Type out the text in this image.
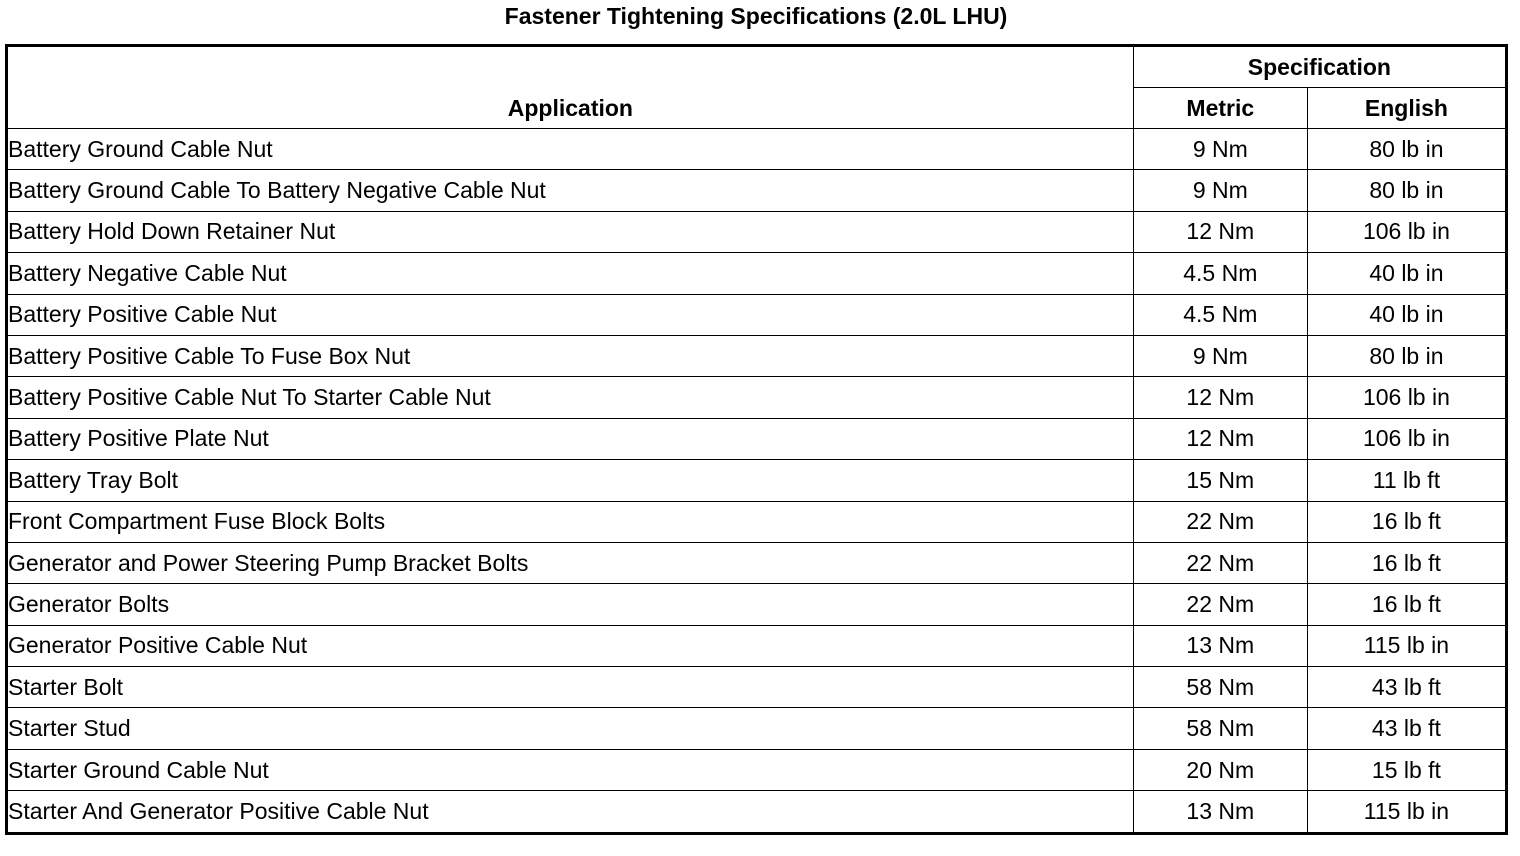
Fastener Tightening Specifications (2.0L LHU)
Application	Specification	
	Metric	English
Battery Ground Cable Nut	9 Nm	80 lb in
Battery Ground Cable To Battery Negative Cable Nut	9 Nm	80 lb in
Battery Hold Down Retainer Nut	12 Nm	106 lb in
Battery Negative Cable Nut	4.5 Nm	40 lb in
Battery Positive Cable Nut	4.5 Nm	40 lb in
Battery Positive Cable To Fuse Box Nut	9 Nm	80 lb in
Battery Positive Cable Nut To Starter Cable Nut	12 Nm	106 lb in
Battery Positive Plate Nut	12 Nm	106 lb in
Battery Tray Bolt	15 Nm	11 lb ft
Front Compartment Fuse Block Bolts	22 Nm	16 lb ft
Generator and Power Steering Pump Bracket Bolts	22 Nm	16 lb ft
Generator Bolts	22 Nm	16 lb ft
Generator Positive Cable Nut	13 Nm	115 lb in
Starter Bolt	58 Nm	43 lb ft
Starter Stud	58 Nm	43 lb ft
Starter Ground Cable Nut	20 Nm	15 lb ft
Starter And Generator Positive Cable Nut	13 Nm	115 lb in
